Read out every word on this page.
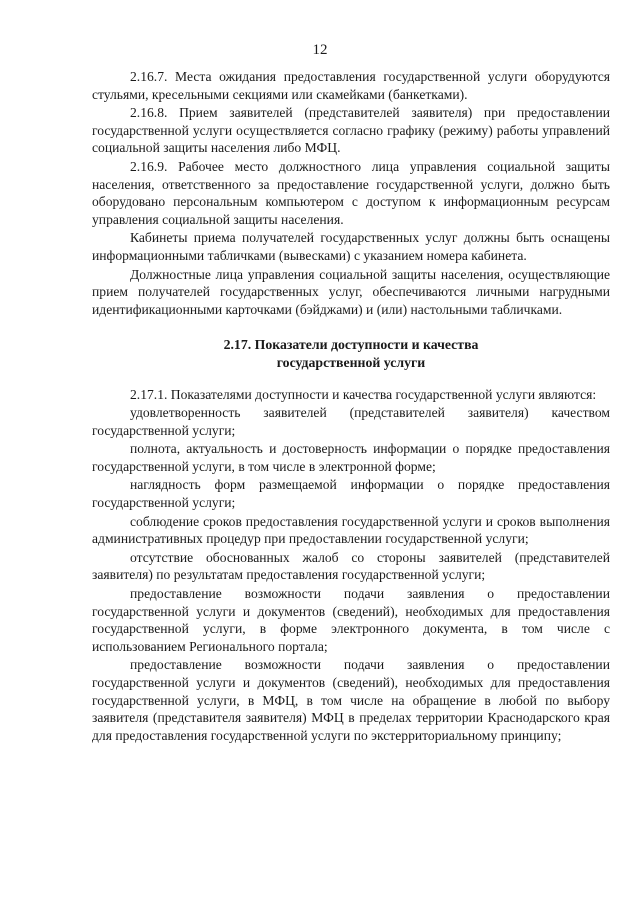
12

2.16.7. Места ожидания предоставления государственной услуги оборудуются стульями, кресельными секциями или скамейками (банкетками).

2.16.8. Прием заявителей (представителей заявителя) при предоставлении государственной услуги осуществляется согласно графику (режиму) работы управлений социальной защиты населения либо МФЦ.

2.16.9. Рабочее место должностного лица управления социальной защиты населения, ответственного за предоставление государственной услуги, должно быть оборудовано персональным компьютером с доступом к информационным ресурсам управления социальной защиты населения.

Кабинеты приема получателей государственных услуг должны быть оснащены информационными табличками (вывесками) с указанием номера кабинета.

Должностные лица управления социальной защиты населения, осуществляющие прием получателей государственных услуг, обеспечиваются личными нагрудными идентификационными карточками (бэйджами) и (или) настольными табличками.

2.17. Показатели доступности и качества
государственной услуги

2.17.1. Показателями доступности и качества государственной услуги являются:

удовлетворенность заявителей (представителей заявителя) качеством государственной услуги;

полнота, актуальность и достоверность информации о порядке предоставления государственной услуги, в том числе в электронной форме;

наглядность форм размещаемой информации о порядке предоставления государственной услуги;

соблюдение сроков предоставления государственной услуги и сроков выполнения административных процедур при предоставлении государственной услуги;

отсутствие обоснованных жалоб со стороны заявителей (представителей заявителя) по результатам предоставления государственной услуги;

предоставление возможности подачи заявления о предоставлении государственной услуги и документов (сведений), необходимых для предоставления государственной услуги, в форме электронного документа, в том числе с использованием Регионального портала;

предоставление возможности подачи заявления о предоставлении государственной услуги и документов (сведений), необходимых для предоставления государственной услуги, в МФЦ, в том числе на обращение в любой по выбору заявителя (представителя заявителя) МФЦ в пределах территории Краснодарского края для предоставления государственной услуги по экстерриториальному принципу;
